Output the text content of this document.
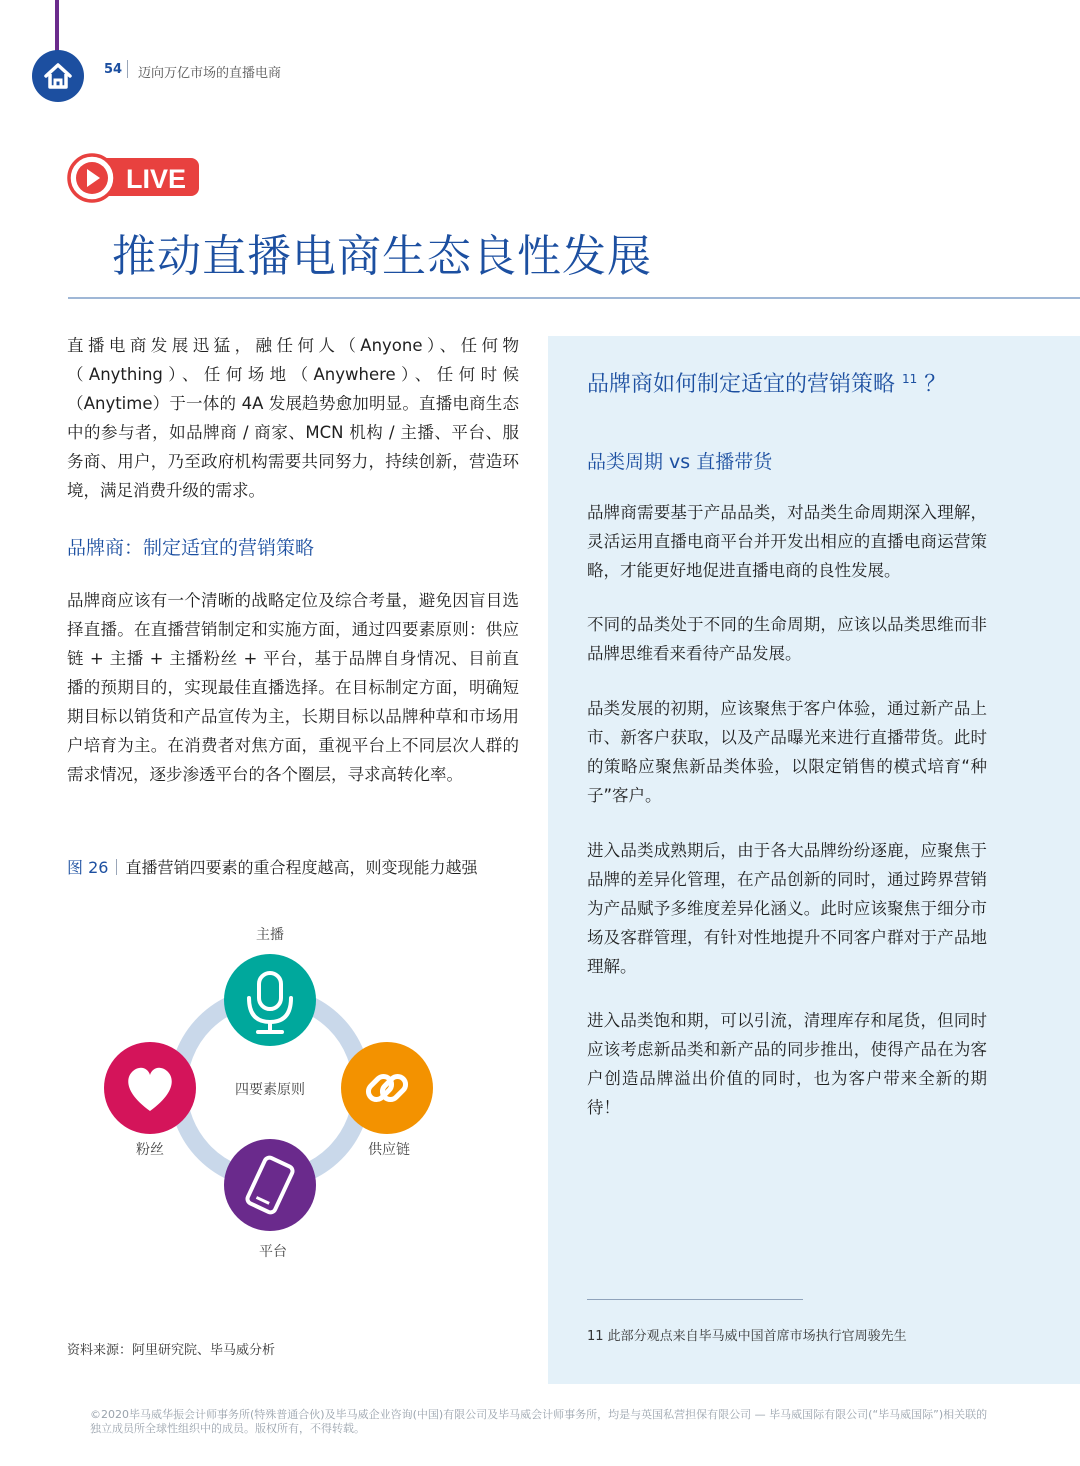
54 迈向万亿市场的直播电商
LIVE
推动直播电商生态良性发展
直播电商发展迅猛，融任何人（Anyone）、任何物（Anything）、任何场地（Anywhere）、任何时候（Anytime）于一体的 4A 发展趋势愈加明显。直播电商生态中的参与者，如品牌商 / 商家、MCN 机构 / 主播、平台、服务商、用户，乃至政府机构需要共同努力，持续创新，营造环境，满足消费升级的需求。
品牌商：制定适宜的营销策略
品牌商应该有一个清晰的战略定位及综合考量，避免因盲目选择直播。在直播营销制定和实施方面，通过四要素原则：供应链 + 主播 + 主播粉丝 + 平台，基于品牌自身情况、目前直播的预期目的，实现最佳直播选择。在目标制定方面，明确短期目标以销货和产品宣传为主，长期目标以品牌种草和市场用户培育为主。在消费者对焦方面，重视平台上不同层次人群的需求情况，逐步渗透平台的各个圈层，寻求高转化率。
图 26 直播营销四要素的重合程度越高，则变现能力越强
四要素原则
主播
供应链
平台
粉丝
资料来源：阿里研究院、毕马威分析
品牌商如何制定适宜的营销策略 $^{11}$ ？
品类周期 vs 直播带货
品牌商需要基于产品品类，对品类生命周期深入理解，灵活运用直播电商平台并开发出相应的直播电商运营策略，才能更好地促进直播电商的良性发展。
不同的品类处于不同的生命周期，应该以品类思维而非品牌思维看来看待产品发展。
品类发展的初期，应该聚焦于客户体验，通过新产品上市、新客户获取，以及产品曝光来进行直播带货。此时的策略应聚焦新品类体验，以限定销售的模式培育“种子”客户。
进入品类成熟期后，由于各大品牌纷纷逐鹿，应聚焦于品牌的差异化管理，在产品创新的同时，通过跨界营销为产品赋予多维度差异化涵义。此时应该聚焦于细分市场及客群管理，有针对性地提升不同客户群对于产品地理解。
进入品类饱和期，可以引流，清理库存和尾货，但同时应该考虑新品类和新产品的同步推出，使得产品在为客户创造品牌溢出价值的同时，也为客户带来全新的期待！
11 此部分观点来自毕马威中国首席市场执行官周骏先生
©2020毕马威华振会计师事务所(特殊普通合伙)及毕马威企业咨询(中国)有限公司及毕马威会计师事务所，均是与英国私营担保有限公司 — 毕马威国际有限公司(“毕马威国际”)相关联的独立成员所全球性组织中的成员。版权所有，不得转载。
